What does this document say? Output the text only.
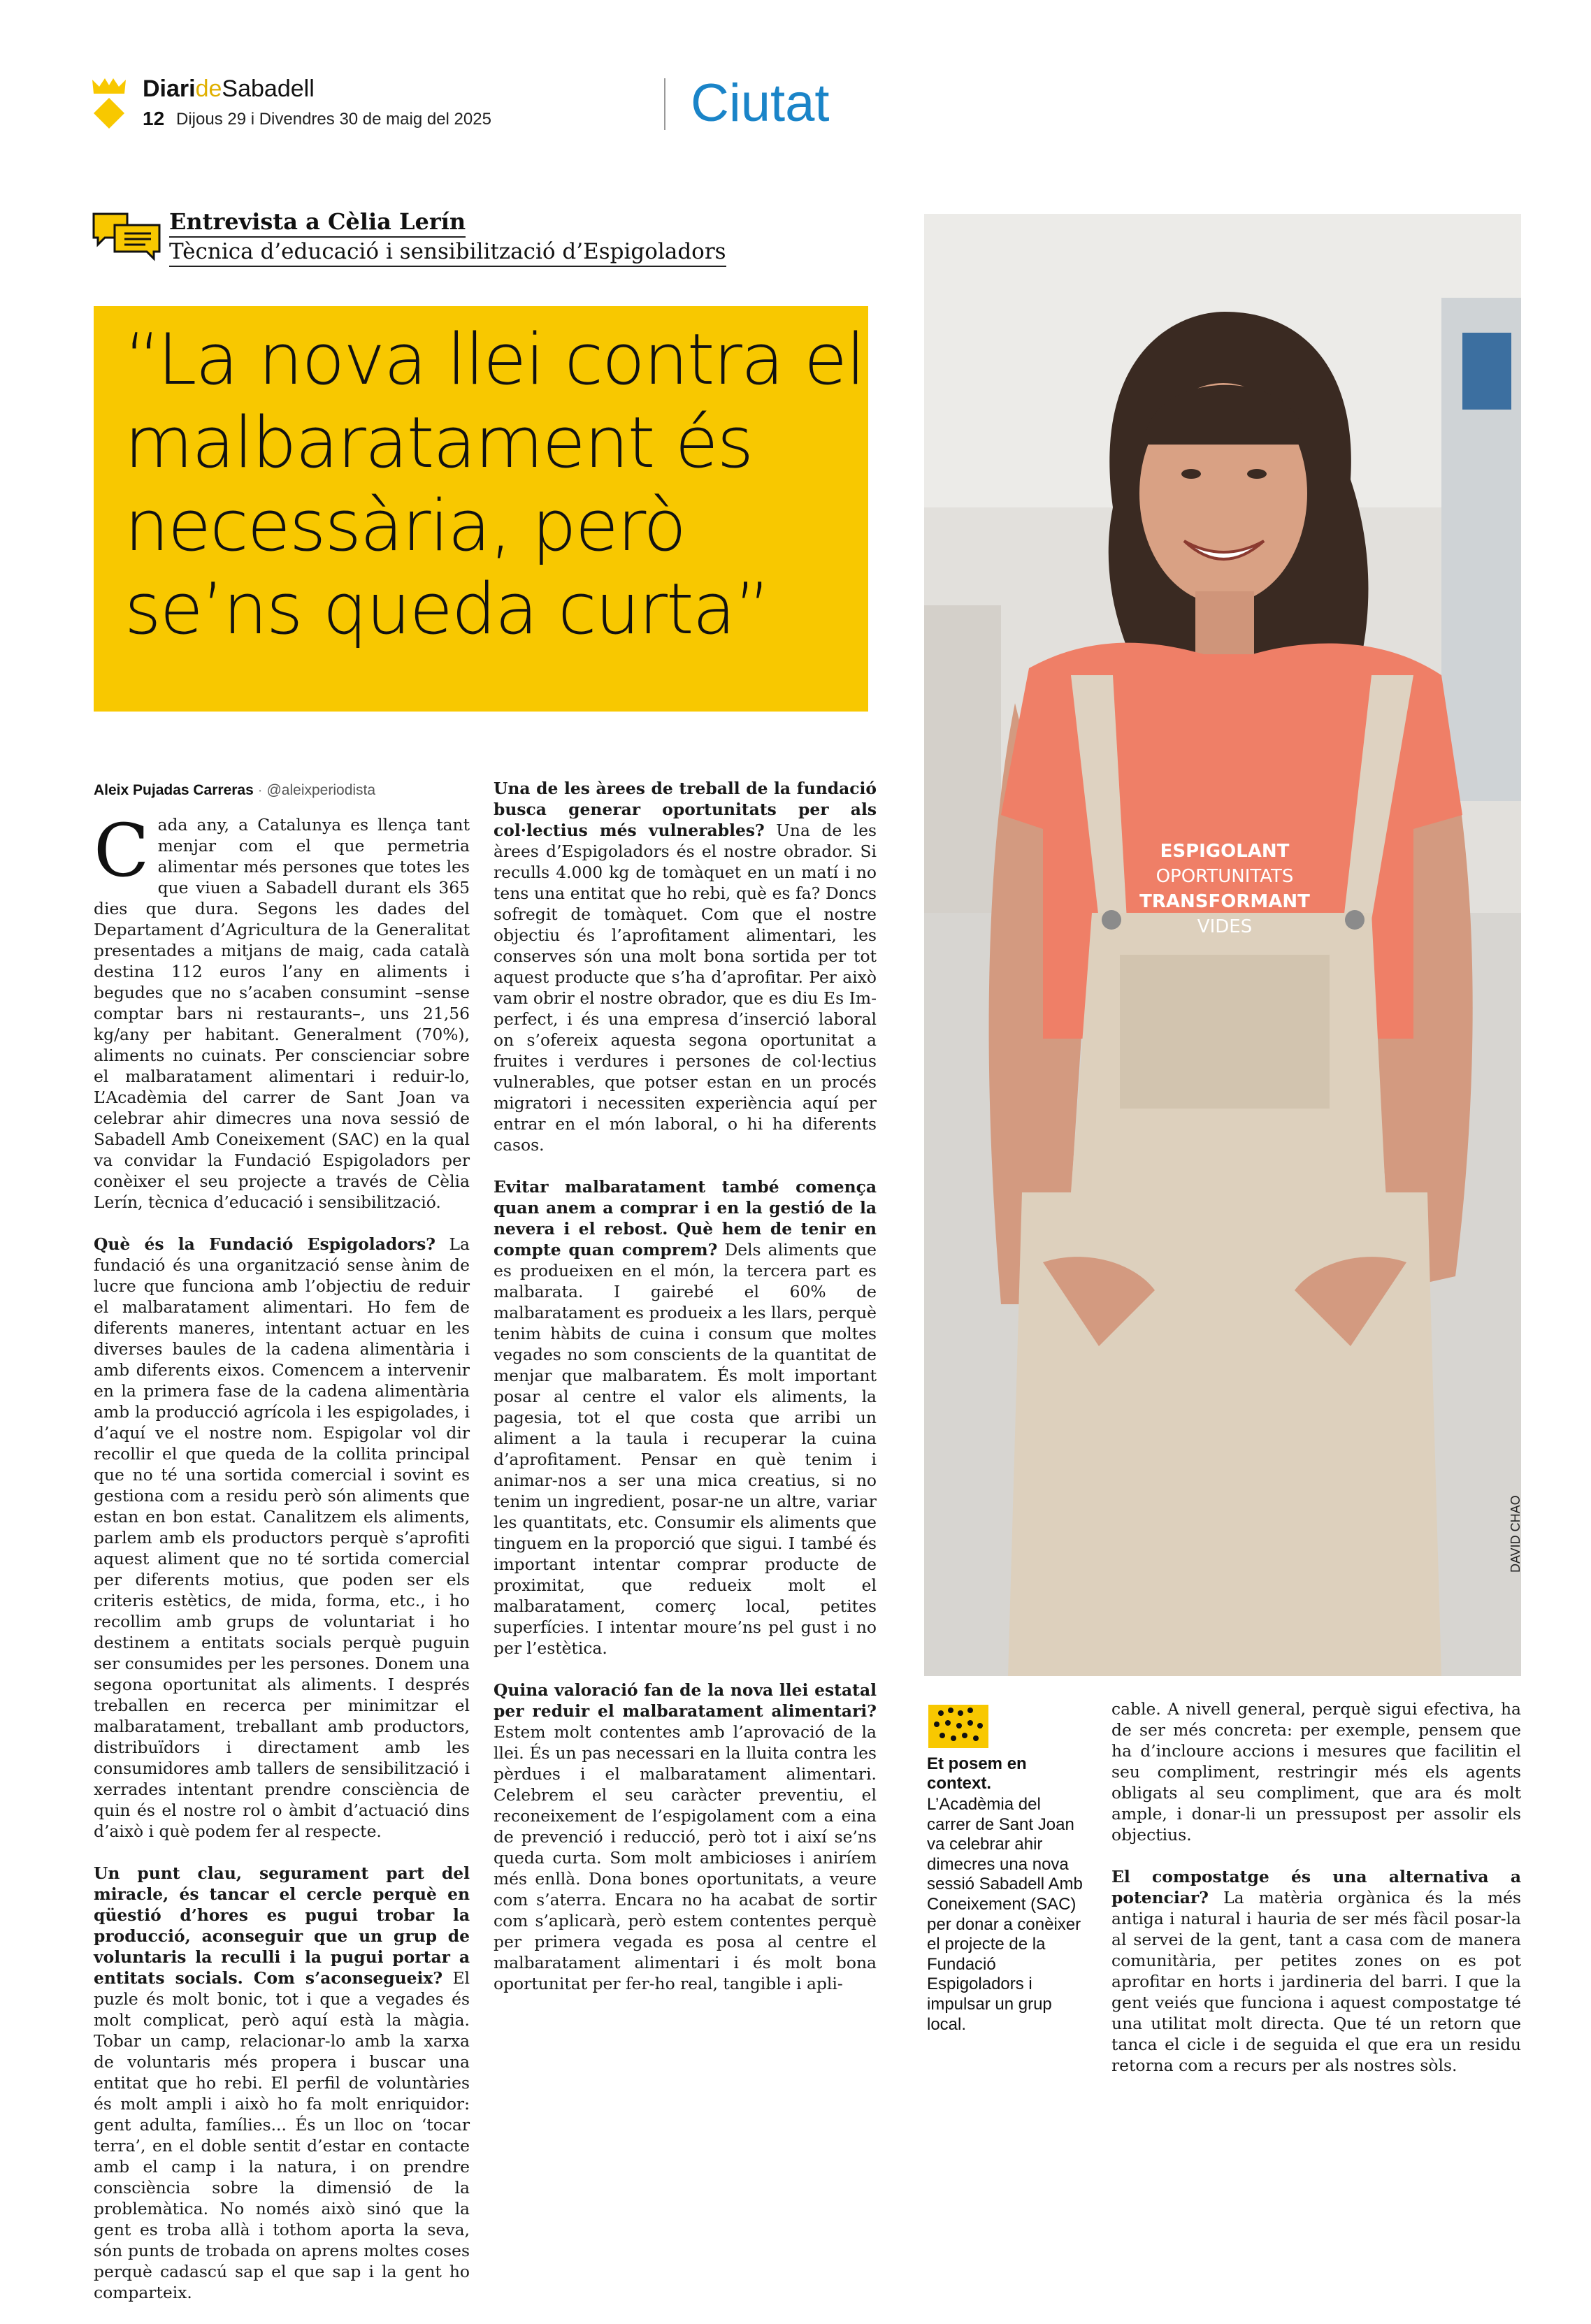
DiarideSabadell
12 Dijous 29 i Divendres 30 de maig del 2025	Ciutat
Entrevista a Cèlia Lerín
Tècnica d’educació i sensibilització d’Espigoladors
“La nova llei contra el malbaratament és necessària, però se’ns queda curta”
ESPIGOLANT
OPORTUNITATS
TRANSFORMANT
VIDES
DAVID CHAO
Aleix Pujadas Carreras · @aleixperiodista

Cada any, a Catalunya es llença tant menjar com el que permetria alimentar més persones que totes les que viuen a Sabadell durant els 365 dies que dura. Segons les dades del Departament d’Agricultura de la Generalitat presentades a mitjans de maig, cada català destina 112 euros l’any en aliments i begudes que no s’acaben consumint –sense comptar bars ni restaurants–, uns 21,56 kg/any per habitant. Generalment (70%), aliments no cuinats. Per conscienciar sobre el malbaratament alimentari i reduir-lo, L’Acadèmia del carrer de Sant Joan va celebrar ahir dimecres una nova sessió de Sabadell Amb Coneixement (SAC) en la qual va convidar la Fundació Espigoladors per conèixer el seu projecte a través de Cèlia Lerín, tècnica d’educació i sensibilització.

Què és la Fundació Espigoladors? La fundació és una organització sense ànim de lucre que funciona amb l’objectiu de reduir el malbaratament alimentari. Ho fem de diferents maneres, intentant actuar en les diverses baules de la cadena alimentària i amb diferents eixos. Comencem a intervenir en la primera fase de la cadena alimentària amb la producció agrícola i les espigolades, i d’aquí ve el nostre nom. Espigolar vol dir recollir el que queda de la collita principal que no té una sortida comercial i sovint es gestiona com a residu però són aliments que estan en bon estat. Canalitzem els aliments, parlem amb els productors perquè s’aprofiti aquest aliment que no té sortida comercial per diferents motius, que poden ser els criteris estètics, de mida, forma, etc., i ho recollim amb grups de voluntariat i ho destinem a entitats socials perquè puguin ser consumides per les persones. Donem una segona oportunitat als aliments. I després treballen en recerca per minimitzar el malbaratament, treballant amb productors, distribuïdors i directament amb les consumidores amb tallers de sensibilització i xerrades intentant prendre consciència de quin és el nostre rol o àmbit d’actuació dins d’això i què podem fer al respecte.

Un punt clau, segurament part del miracle, és tancar el cercle perquè en qüestió d’hores es pugui trobar la producció, aconseguir que un grup de voluntaris la reculli i la pugui portar a entitats socials. Com s’aconsegueix? El puzle és molt bonic, tot i que a vegades és molt complicat, però aquí està la màgia. Tobar un camp, relacionar-lo amb la xarxa de voluntaris més propera i buscar una entitat que ho rebi. El perfil de voluntàries és molt ampli i això ho fa molt enriquidor: gent adulta, famílies... És un lloc on ‘tocar terra’, en el doble sentit d’estar en contacte amb el camp i la natura, i on prendre consciència sobre la dimensió de la problemàtica. No només això sinó que la gent es troba allà i tothom aporta la seva, són punts de trobada on aprens moltes coses perquè cadascú sap el que sap i la gent ho comparteix.

Una de les àrees de treball de la fundació busca generar oportunitats per als col·lectius més vulnerables? Una de les àrees d’Espigoladors és el nostre obrador. Si reculls 4.000 kg de tomàquet en un matí i no tens una entitat que ho rebi, què es fa? Doncs sofregit de tomàquet. Com que el nostre objectiu és l’aprofitament alimentari, les conserves són una molt bona sortida per tot aquest producte que s’ha d’aprofitar. Per això vam obrir el nostre obrador, que es diu Es Im-perfect, i és una empresa d’inserció laboral on s’ofereix aquesta segona oportunitat a fruites i verdures i persones de col·lectius vulnerables, que potser estan en un procés migratori i necessiten experiència aquí per entrar en el món laboral, o hi ha diferents casos.

Evitar malbaratament també comença quan anem a comprar i en la gestió de la nevera i el rebost. Què hem de tenir en compte quan comprem? Dels aliments que es produeixen en el món, la tercera part es malbarata. I gairebé el 60% de malbaratament es produeix a les llars, perquè tenim hàbits de cuina i consum que moltes vegades no som conscients de la quantitat de menjar que malbaratem. És molt important posar al centre el valor els aliments, la pagesia, tot el que costa que arribi un aliment a la taula i recuperar la cuina d’aprofitament. Pensar en què tenim i animar-nos a ser una mica creatius, si no tenim un ingredient, posar-ne un altre, variar les quantitats, etc. Consumir els aliments que tinguem en la proporció que sigui. I també és important intentar comprar producte de proximitat, que redueix molt el malbaratament, comerç local, petites superfícies. I intentar moure’ns pel gust i no per l’estètica.

Quina valoració fan de la nova llei estatal per reduir el malbaratament alimentari? Estem molt contentes amb l’aprovació de la llei. És un pas necessari en la lluita contra les pèrdues i el malbaratament alimentari. Celebrem el seu caràcter preventiu, el reconeixement de l’espigolament com a eina de prevenció i reducció, però tot i així se’ns queda curta. Som molt ambicioses i aniríem més enllà. Dona bones oportunitats, a veure com s’aterra. Encara no ha acabat de sortir com s’aplicarà, però estem contentes perquè per primera vegada es posa al centre el malbaratament alimentari i és molt bona oportunitat per fer-ho real, tangible i apli-

Et posem en context.
L’Acadèmia del carrer de Sant Joan va celebrar ahir dimecres una nova sessió Sabadell Amb Coneixement (SAC) per donar a conèixer el projecte de la Fundació Espigoladors i impulsar un grup local.

cable. A nivell general, perquè sigui efectiva, ha de ser més concreta: per exemple, pensem que ha d’incloure accions i mesures que facilitin el seu compliment, restringir més els agents obligats al seu compliment, que ara és molt ample, i donar-li un pressupost per assolir els objectius.

El compostatge és una alternativa a potenciar? La matèria orgànica és la més antiga i natural i hauria de ser més fàcil posar-la al servei de la gent, tant a casa com de manera comunitària, per petites zones on es pot aprofitar en horts i jardineria del barri. I que la gent veiés que funciona i aquest compostatge té una utilitat molt directa. Que té un retorn que tanca el cicle i de seguida el que era un residu retorna com a recurs per als nostres sòls.
